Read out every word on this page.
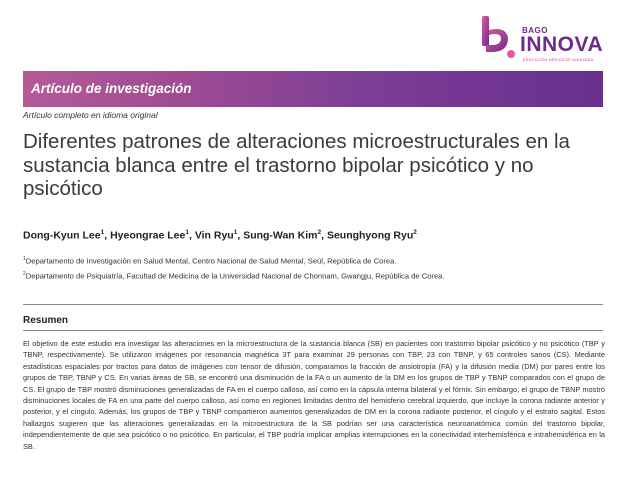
BAGO
INNOVA
EDUCACIÓN MÉDICA DE AVANZADA
Artículo de investigación
Artículo completo en idioma original
Diferentes patrones de alteraciones microestructurales en la sustancia blanca entre el trastorno bipolar psicótico y no psicótico
Dong-Kyun Lee$^1$, Hyeongrae Lee$^1$, Vin Ryu$^1$, Sung-Wan Kim$^2$, Seunghyong Ryu$^2$
$^1$Departamento de Investigación en Salud Mental, Centro Nacional de Salud Mental, Seúl, República de Corea.
$^2$Departamento de Psiquiatría, Facultad de Medicina de la Universidad Nacional de Chonnam, Gwangju, República de Corea.
Resumen
El objetivo de este estudio era investigar las alteraciones en la microestructura de la sustancia blanca (SB) en pacientes con trastorno bipolar psicótico y no psicótico (TBP y TBNP, respectivamente). Se utilizaron imágenes por resonancia magnética 3T para examinar 29 personas con TBP, 23 con TBNP, y 65 controles sanos (CS). Mediante estadísticas espaciales por tractos para datos de imágenes con tensor de difusión, comparamos la fracción de ansiotropía (FA) y la difusión media (DM) por pares entre los grupos de TBP, TBNP y CS. En varias áreas de SB, se encontró una disminución de la FA o un aumento de la DM en los grupos de TBP y TBNP comparados con el grupo de CS. El grupo de TBP mostró disminuciones generalizadas de FA en el cuerpo calloso, así como en la cápsula interna bilateral y el fórnix. Sin embargo, el grupo de TBNP mostró disminuciones locales de FA en una parte del cuerpo calloso, así como en regiones limitadas dentro del hemisferio cerebral izquierdo, que incluye la corona radiante anterior y posterior, y el cíngulo. Además, los grupos de TBP y TBNP compartieron aumentos generalizados de DM en la corona radiante posterior, el cíngulo y el estrato sagital. Estos hallazgos sugieren que las alteraciones generalizadas en la microestructura de la SB podrían ser una característica neuroanatómica común del trastorno bipolar, independientemente de que sea psicótico o no psicótico. En particular, el TBP podría implicar amplias interrupciones en la conectividad interhemisférica e intrahemisférica en la SB.
